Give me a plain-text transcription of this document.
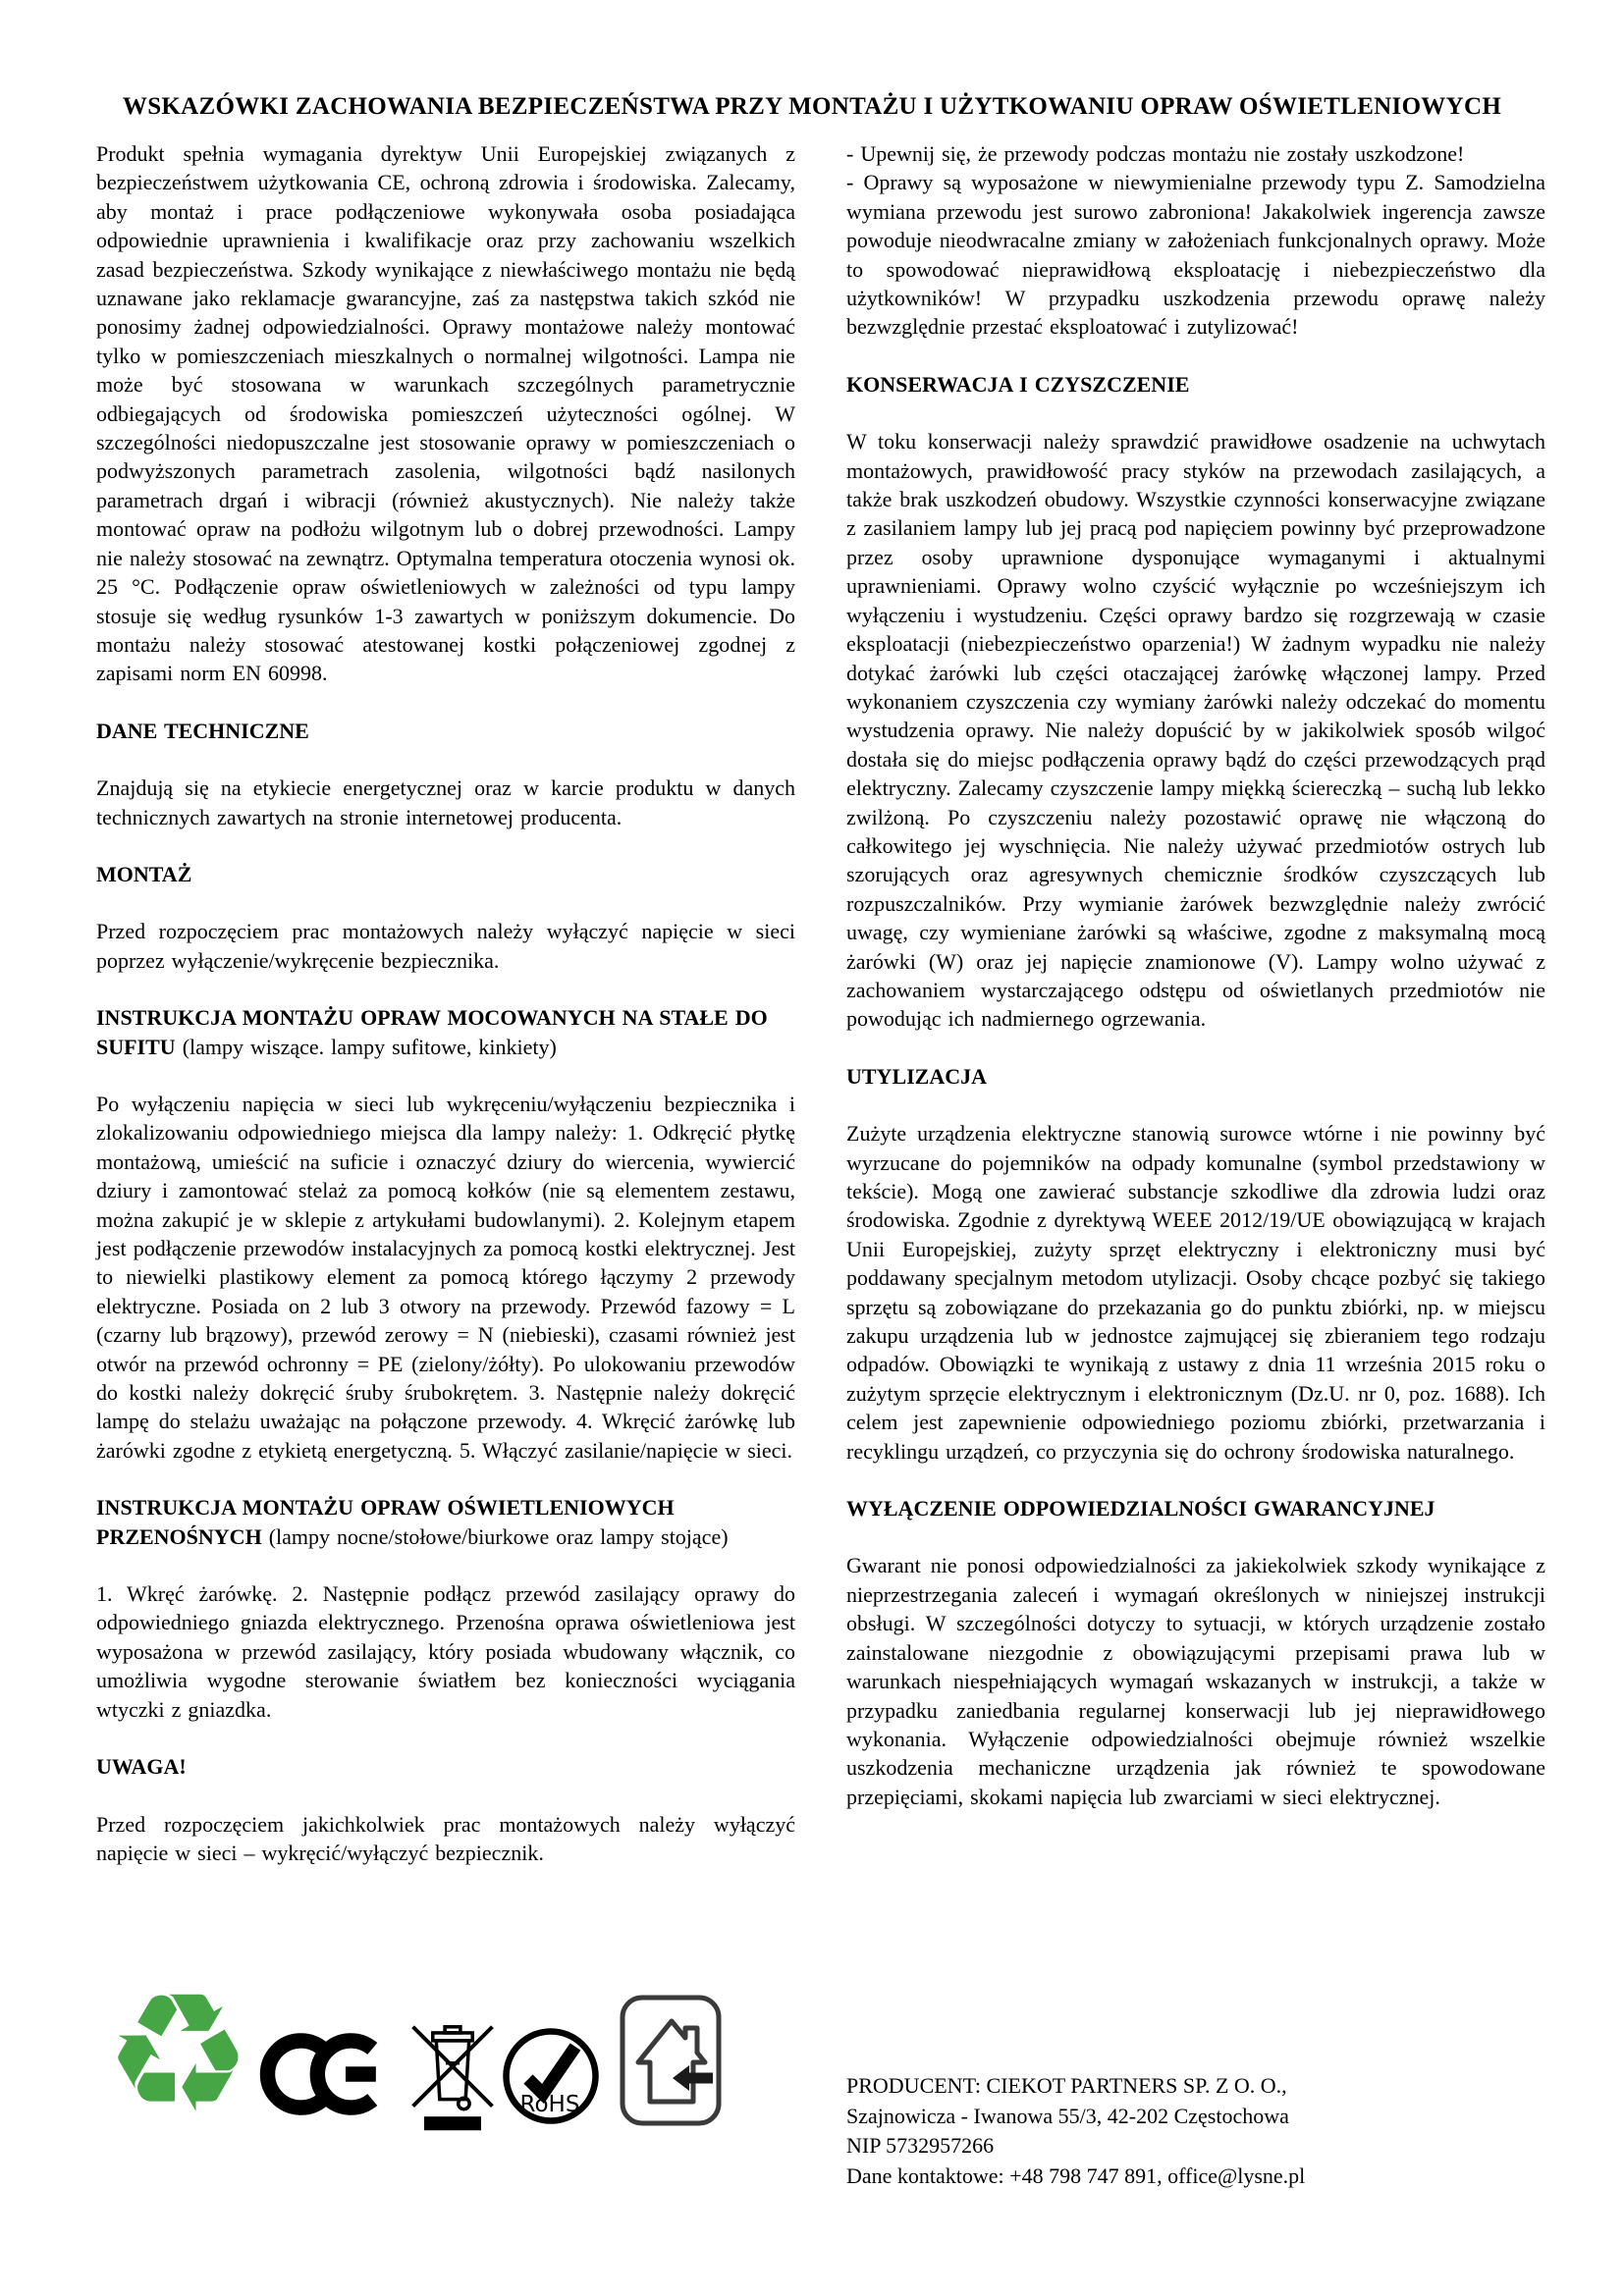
WSKAZÓWKI ZACHOWANIA BEZPIECZEŃSTWA PRZY MONTAŻU I UŻYTKOWANIU OPRAW OŚWIETLENIOWYCH

Produkt spełnia wymagania dyrektyw Unii Europejskiej związanych z bezpieczeństwem użytkowania CE, ochroną zdrowia i środowiska. Zalecamy, aby montaż i prace podłączeniowe wykonywała osoba posiadająca odpowiednie uprawnienia i kwalifikacje oraz przy zachowaniu wszelkich zasad bezpieczeństwa. Szkody wynikające z niewłaściwego montażu nie będą uznawane jako reklamacje gwarancyjne, zaś za następstwa takich szkód nie ponosimy żadnej odpowiedzialności. Oprawy montażowe należy montować tylko w pomieszczeniach mieszkalnych o normalnej wilgotności. Lampa nie może być stosowana w warunkach szczególnych parametrycznie odbiegających od środowiska pomieszczeń użyteczności ogólnej. W szczególności niedopuszczalne jest stosowanie oprawy w pomieszczeniach o podwyższonych parametrach zasolenia, wilgotności bądź nasilonych parametrach drgań i wibracji (również akustycznych). Nie należy także montować opraw na podłożu wilgotnym lub o dobrej przewodności. Lampy nie należy stosować na zewnątrz. Optymalna temperatura otoczenia wynosi ok. 25 °C. Podłączenie opraw oświetleniowych w zależności od typu lampy stosuje się według rysunków 1-3 zawartych w poniższym dokumencie. Do montażu należy stosować atestowanej kostki połączeniowej zgodnej z zapisami norm EN 60998.

DANE TECHNICZNE

Znajdują się na etykiecie energetycznej oraz w karcie produktu w danych technicznych zawartych na stronie internetowej producenta.

MONTAŻ

Przed rozpoczęciem prac montażowych należy wyłączyć napięcie w sieci poprzez wyłączenie/wykręcenie bezpiecznika.

INSTRUKCJA MONTAŻU OPRAW MOCOWANYCH NA STAŁE DO SUFITU (lampy wiszące. lampy sufitowe, kinkiety)

Po wyłączeniu napięcia w sieci lub wykręceniu/wyłączeniu bezpiecznika i zlokalizowaniu odpowiedniego miejsca dla lampy należy: 1. Odkręcić płytkę montażową, umieścić na suficie i oznaczyć dziury do wiercenia, wywiercić dziury i zamontować stelaż za pomocą kołków (nie są elementem zestawu, można zakupić je w sklepie z artykułami budowlanymi). 2. Kolejnym etapem jest podłączenie przewodów instalacyjnych za pomocą kostki elektrycznej. Jest to niewielki plastikowy element za pomocą którego łączymy 2 przewody elektryczne. Posiada on 2 lub 3 otwory na przewody. Przewód fazowy = L (czarny lub brązowy), przewód zerowy = N (niebieski), czasami również jest otwór na przewód ochronny = PE (zielony/żółty). Po ulokowaniu przewodów do kostki należy dokręcić śruby śrubokrętem. 3. Następnie należy dokręcić lampę do stelażu uważając na połączone przewody. 4. Wkręcić żarówkę lub żarówki zgodne z etykietą energetyczną. 5. Włączyć zasilanie/napięcie w sieci.

INSTRUKCJA MONTAŻU OPRAW OŚWIETLENIOWYCH PRZENOŚNYCH (lampy nocne/stołowe/biurkowe oraz lampy stojące)

1. Wkręć żarówkę. 2. Następnie podłącz przewód zasilający oprawy do odpowiedniego gniazda elektrycznego. Przenośna oprawa oświetleniowa jest wyposażona w przewód zasilający, który posiada wbudowany włącznik, co umożliwia wygodne sterowanie światłem bez konieczności wyciągania wtyczki z gniazdka.

UWAGA!

Przed rozpoczęciem jakichkolwiek prac montażowych należy wyłączyć napięcie w sieci – wykręcić/wyłączyć bezpiecznik.

- Upewnij się, że przewody podczas montażu nie zostały uszkodzone!

- Oprawy są wyposażone w niewymienialne przewody typu Z. Samodzielna wymiana przewodu jest surowo zabroniona! Jakakolwiek ingerencja zawsze powoduje nieodwracalne zmiany w założeniach funkcjonalnych oprawy. Może to spowodować nieprawidłową eksploatację i niebezpieczeństwo dla użytkowników! W przypadku uszkodzenia przewodu oprawę należy bezwzględnie przestać eksploatować i zutylizować!

KONSERWACJA I CZYSZCZENIE

W toku konserwacji należy sprawdzić prawidłowe osadzenie na uchwytach montażowych, prawidłowość pracy styków na przewodach zasilających, a także brak uszkodzeń obudowy. Wszystkie czynności konserwacyjne związane z zasilaniem lampy lub jej pracą pod napięciem powinny być przeprowadzone przez osoby uprawnione dysponujące wymaganymi i aktualnymi uprawnieniami. Oprawy wolno czyścić wyłącznie po wcześniejszym ich wyłączeniu i wystudzeniu. Części oprawy bardzo się rozgrzewają w czasie eksploatacji (niebezpieczeństwo oparzenia!) W żadnym wypadku nie należy dotykać żarówki lub części otaczającej żarówkę włączonej lampy. Przed wykonaniem czyszczenia czy wymiany żarówki należy odczekać do momentu wystudzenia oprawy. Nie należy dopuścić by w jakikolwiek sposób wilgoć dostała się do miejsc podłączenia oprawy bądź do części przewodzących prąd elektryczny. Zalecamy czyszczenie lampy miękką ściereczką – suchą lub lekko zwilżoną. Po czyszczeniu należy pozostawić oprawę nie włączoną do całkowitego jej wyschnięcia. Nie należy używać przedmiotów ostrych lub szorujących oraz agresywnych chemicznie środków czyszczących lub rozpuszczalników. Przy wymianie żarówek bezwzględnie należy zwrócić uwagę, czy wymieniane żarówki są właściwe, zgodne z maksymalną mocą żarówki (W) oraz jej napięcie znamionowe (V). Lampy wolno używać z zachowaniem wystarczającego odstępu od oświetlanych przedmiotów nie powodując ich nadmiernego ogrzewania.

UTYLIZACJA

Zużyte urządzenia elektryczne stanowią surowce wtórne i nie powinny być wyrzucane do pojemników na odpady komunalne (symbol przedstawiony w tekście). Mogą one zawierać substancje szkodliwe dla zdrowia ludzi oraz środowiska. Zgodnie z dyrektywą WEEE 2012/19/UE obowiązującą w krajach Unii Europejskiej, zużyty sprzęt elektryczny i elektroniczny musi być poddawany specjalnym metodom utylizacji. Osoby chcące pozbyć się takiego sprzętu są zobowiązane do przekazania go do punktu zbiórki, np. w miejscu zakupu urządzenia lub w jednostce zajmującej się zbieraniem tego rodzaju odpadów. Obowiązki te wynikają z ustawy z dnia 11 września 2015 roku o zużytym sprzęcie elektrycznym i elektronicznym (Dz.U. nr 0, poz. 1688). Ich celem jest zapewnienie odpowiedniego poziomu zbiórki, przetwarzania i recyklingu urządzeń, co przyczynia się do ochrony środowiska naturalnego.

WYŁĄCZENIE ODPOWIEDZIALNOŚCI GWARANCYJNEJ

Gwarant nie ponosi odpowiedzialności za jakiekolwiek szkody wynikające z nieprzestrzegania zaleceń i wymagań określonych w niniejszej instrukcji obsługi. W szczególności dotyczy to sytuacji, w których urządzenie zostało zainstalowane niezgodnie z obowiązującymi przepisami prawa lub w warunkach niespełniających wymagań wskazanych w instrukcji, a także w przypadku zaniedbania regularnej konserwacji lub jej nieprawidłowego wykonania. Wyłączenie odpowiedzialności obejmuje również wszelkie uszkodzenia mechaniczne urządzenia jak również te spowodowane przepięciami, skokami napięcia lub zwarciami w sieci elektrycznej.

♻	RoHS
PRODUCENT: CIEKOT PARTNERS SP. Z O. O.,
Szajnowicza - Iwanowa 55/3, 42-202 Częstochowa
NIP 5732957266
Dane kontaktowe: +48 798 747 891, office@lysne.pl
